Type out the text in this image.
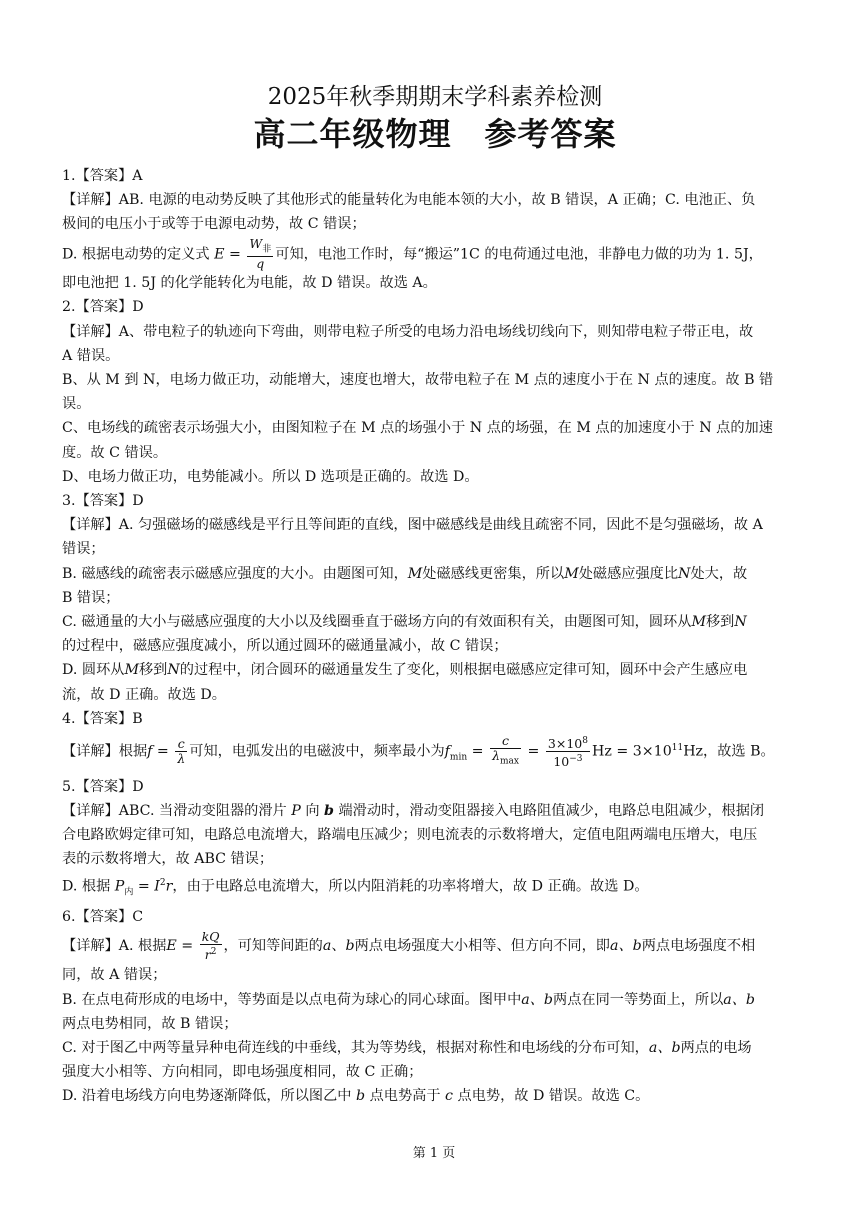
2025年秋季期期末学科素养检测
高二年级物理　参考答案

1.【答案】A

【详解】AB. 电源的电动势反映了其他形式的能量转化为电能本领的大小，故 B 错误，A 正确；C. 电池正、负

极间的电压小于或等于电源电动势，故 C 错误；

D. 根据电动势的定义式 $E = \frac{W_非}{q}$ 可知，电池工作时，每“搬运”1C 的电荷通过电池，非静电力做的功为 1. 5J，

即电池把 1. 5J 的化学能转化为电能，故 D 错误。故选 A。

2.【答案】D

【详解】A、带电粒子的轨迹向下弯曲，则带电粒子所受的电场力沿电场线切线向下，则知带电粒子带正电，故

A 错误。

B、从 M 到 N，电场力做正功，动能增大，速度也增大，故带电粒子在 M 点的速度小于在 N 点的速度。故 B 错

误。

C、电场线的疏密表示场强大小，由图知粒子在 M 点的场强小于 N 点的场强，在 M 点的加速度小于 N 点的加速

度。故 C 错误。

D、电场力做正功，电势能减小。所以 D 选项是正确的。故选 D。

3.【答案】D

【详解】A. 匀强磁场的磁感线是平行且等间距的直线，图中磁感线是曲线且疏密不同，因此不是匀强磁场，故 A

错误；

B. 磁感线的疏密表示磁感应强度的大小。由题图可知，M处磁感线更密集，所以M处磁感应强度比N处大，故

B 错误；

C. 磁通量的大小与磁感应强度的大小以及线圈垂直于磁场方向的有效面积有关，由题图可知，圆环从M移到N

的过程中，磁感应强度减小，所以通过圆环的磁通量减小，故 C 错误；

D. 圆环从M移到N的过程中，闭合圆环的磁通量发生了变化，则根据电磁感应定律可知，圆环中会产生感应电

流，故 D 正确。故选 D。

4.【答案】B

【详解】根据$f = \frac{c}{\lambda}$ 可知，电弧发出的电磁波中，频率最小为$f_{min} = \frac{c}{\lambda_{max}} = \frac{3\times 10^8}{10^{-3}}$ $Hz = 3\times 10^{11}Hz$，故选 B。

5.【答案】D

【详解】ABC. 当滑动变阻器的滑片 P 向 b 端滑动时，滑动变阻器接入电路阻值减少，电路总电阻减少，根据闭

合电路欧姆定律可知，电路总电流增大，路端电压减少；则电流表的示数将增大，定值电阻两端电压增大，电压

表的示数将增大，故 ABC 错误；

D. 根据 $P_内 = I^2r$，由于电路总电流增大，所以内阻消耗的功率将增大，故 D 正确。故选 D。

6.【答案】C

【详解】A. 根据$E = \frac{kQ}{r^2}$ ，可知等间距的a、b两点电场强度大小相等、但方向不同，即a、b两点电场强度不相

同，故 A 错误；

B. 在点电荷形成的电场中，等势面是以点电荷为球心的同心球面。图甲中a、b两点在同一等势面上，所以a、b

两点电势相同，故 B 错误；

C. 对于图乙中两等量异种电荷连线的中垂线，其为等势线，根据对称性和电场线的分布可知，a、b两点的电场

强度大小相等、方向相同，即电场强度相同，故 C 正确；

D. 沿着电场线方向电势逐渐降低，所以图乙中 b 点电势高于 c 点电势，故 D 错误。故选 C。

第 1 页
